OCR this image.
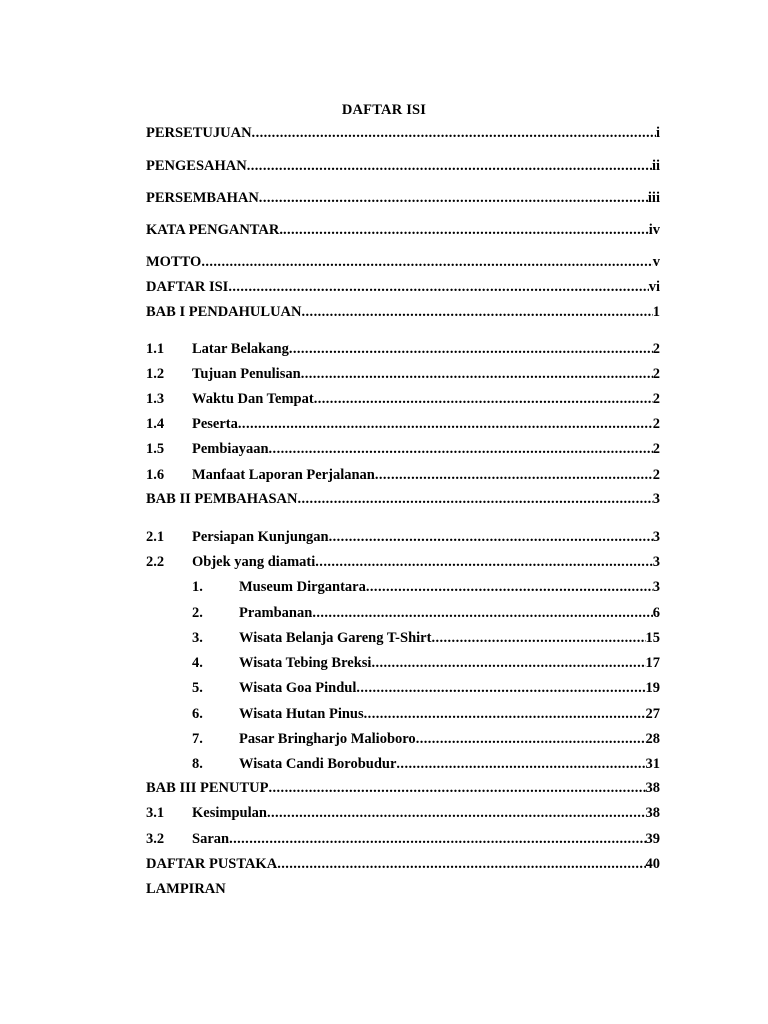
DAFTAR ISI
PERSETUJUAN .....	i
PENGESAHAN .....	ii
PERSEMBAHAN .....	iii
KATA PENGANTAR. .....	iv
MOTTO .....	v
DAFTAR ISI .....	vi
BAB I PENDAHULUAN .....	1
1.1	Latar Belakang .....	2
1.2	Tujuan Penulisan .....	2
1.3	Waktu Dan Tempat .....	2
1.4	Peserta .....	2
1.5	Pembiayaan .....	2
1.6	Manfaat Laporan Perjalanan .....	2
BAB II PEMBAHASAN .....	3
2.1	Persiapan Kunjungan .....	3
2.2	Objek yang diamati .....	3
1.	Museum Dirgantara .....	3
2.	Prambanan .....	6
3.	Wisata Belanja Gareng T-Shirt .....	15
4.	Wisata Tebing Breksi .....	17
5.	Wisata Goa Pindul .....	19
6.	Wisata Hutan Pinus .....	27
7.	Pasar Bringharjo Malioboro .....	28
8.	Wisata Candi Borobudur .....	31
BAB III PENUTUP .....	38
3.1	Kesimpulan .....	38
3.2	Saran .....	39
DAFTAR PUSTAKA .....	40
LAMPIRAN
